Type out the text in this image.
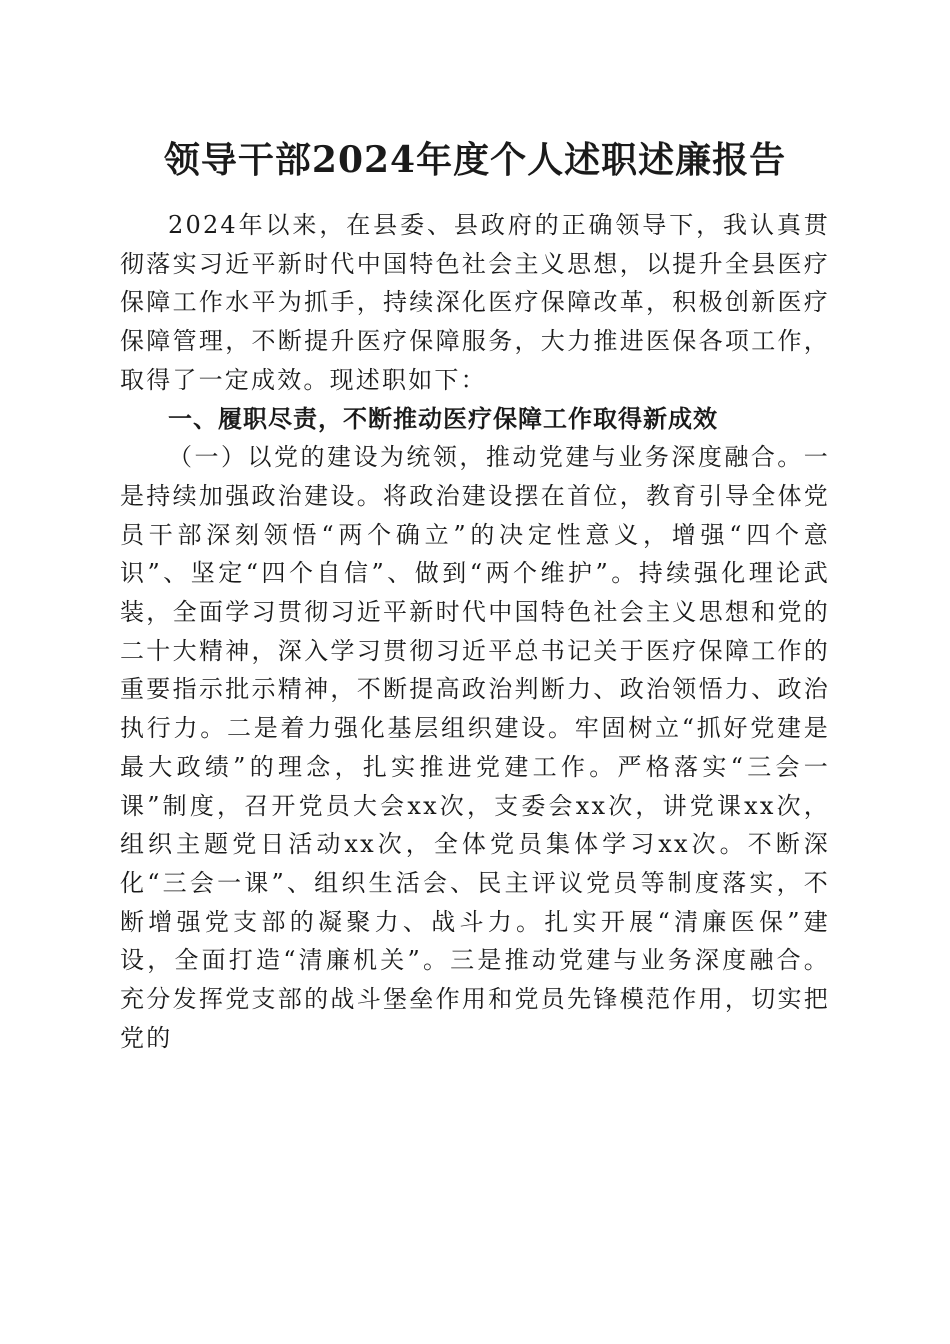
领导干部2024年度个人述职述廉报告

2024年以来，在县委、县政府的正确领导下，我认真贯彻落实习近平新时代中国特色社会主义思想，以提升全县医疗保障工作水平为抓手，持续深化医疗保障改革，积极创新医疗保障管理，不断提升医疗保障服务，大力推进医保各项工作，取得了一定成效。现述职如下：

一、履职尽责，不断推动医疗保障工作取得新成效

（一）以党的建设为统领，推动党建与业务深度融合。一是持续加强政治建设。将政治建设摆在首位，教育引导全体党员干部深刻领悟“两个确立”的决定性意义，增强“四个意识”、坚定“四个自信”、做到“两个维护”。持续强化理论武装，全面学习贯彻习近平新时代中国特色社会主义思想和党的二十大精神，深入学习贯彻习近平总书记关于医疗保障工作的重要指示批示精神，不断提高政治判断力、政治领悟力、政治执行力。二是着力强化基层组织建设。牢固树立“抓好党建是最大政绩”的理念，扎实推进党建工作。严格落实“三会一课”制度，召开党员大会xx次，支委会xx次，讲党课xx次，组织主题党日活动xx次，全体党员集体学习xx次。不断深化“三会一课”、组织生活会、民主评议党员等制度落实，不断增强党支部的凝聚力、战斗力。扎实开展“清廉医保”建设，全面打造“清廉机关”。三是推动党建与业务深度融合。充分发挥党支部的战斗堡垒作用和党员先锋模范作用，切实把党的
